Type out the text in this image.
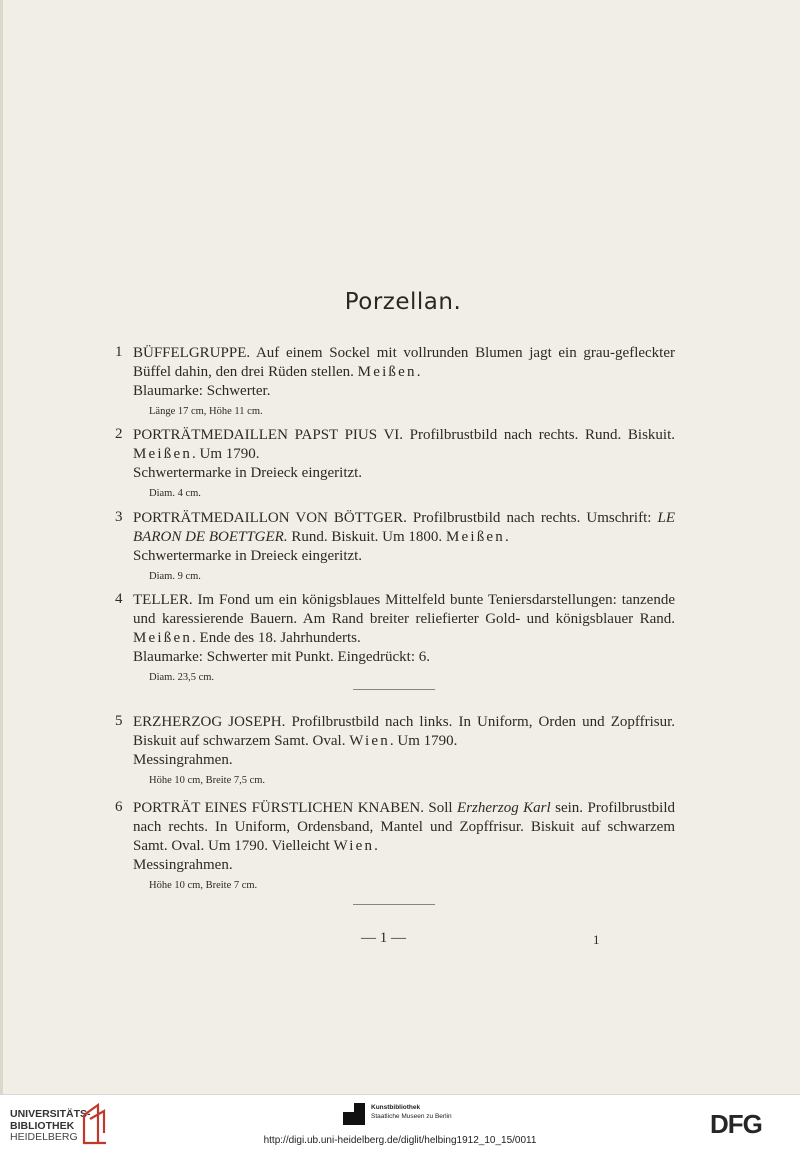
Porzellan.
1 BÜFFELGRUPPE. Auf einem Sockel mit vollrunden Blumen jagt ein grau-gefleckter Büffel dahin, den drei Rüden stellen. Meißen.

Blaumarke: Schwerter.

Länge 17 cm, Höhe 11 cm.
2 PORTRÄTMEDAILLEN PAPST PIUS VI. Profilbrustbild nach rechts. Rund. Biskuit. Meißen. Um 1790.

Schwertermarke in Dreieck eingeritzt.

Diam. 4 cm.
3 PORTRÄTMEDAILLON VON BÖTTGER. Profilbrustbild nach rechts. Umschrift: LE BARON DE BOETTGER. Rund. Biskuit. Um 1800. Meißen.

Schwertermarke in Dreieck eingeritzt.

Diam. 9 cm.
4 TELLER. Im Fond um ein königsblaues Mittelfeld bunte Teniersdarstellungen: tanzende und karessierende Bauern. Am Rand breiter reliefierter Gold- und königsblauer Rand. Meißen. Ende des 18. Jahrhunderts.

Blaumarke: Schwerter mit Punkt. Eingedrückt: 6.

Diam. 23,5 cm.
5 ERZHERZOG JOSEPH. Profilbrustbild nach links. In Uniform, Orden und Zopffrisur. Biskuit auf schwarzem Samt. Oval. Wien. Um 1790.

Messingrahmen.

Höhe 10 cm, Breite 7,5 cm.
6 PORTRÄT EINES FÜRSTLICHEN KNABEN. Soll Erzherzog Karl sein. Profilbrustbild nach rechts. In Uniform, Ordensband, Mantel und Zopffrisur. Biskuit auf schwarzem Samt. Oval. Um 1790. Vielleicht Wien.

Messingrahmen.

Höhe 10 cm, Breite 7 cm.
— 1 —	1
UNIVERSITÄTS-
BIBLIOTHEK
HEIDELBERG
Kunstbibliothek
Staatliche Museen zu Berlin	DFG
http://digi.ub.uni-heidelberg.de/diglit/helbing1912_10_15/0011
